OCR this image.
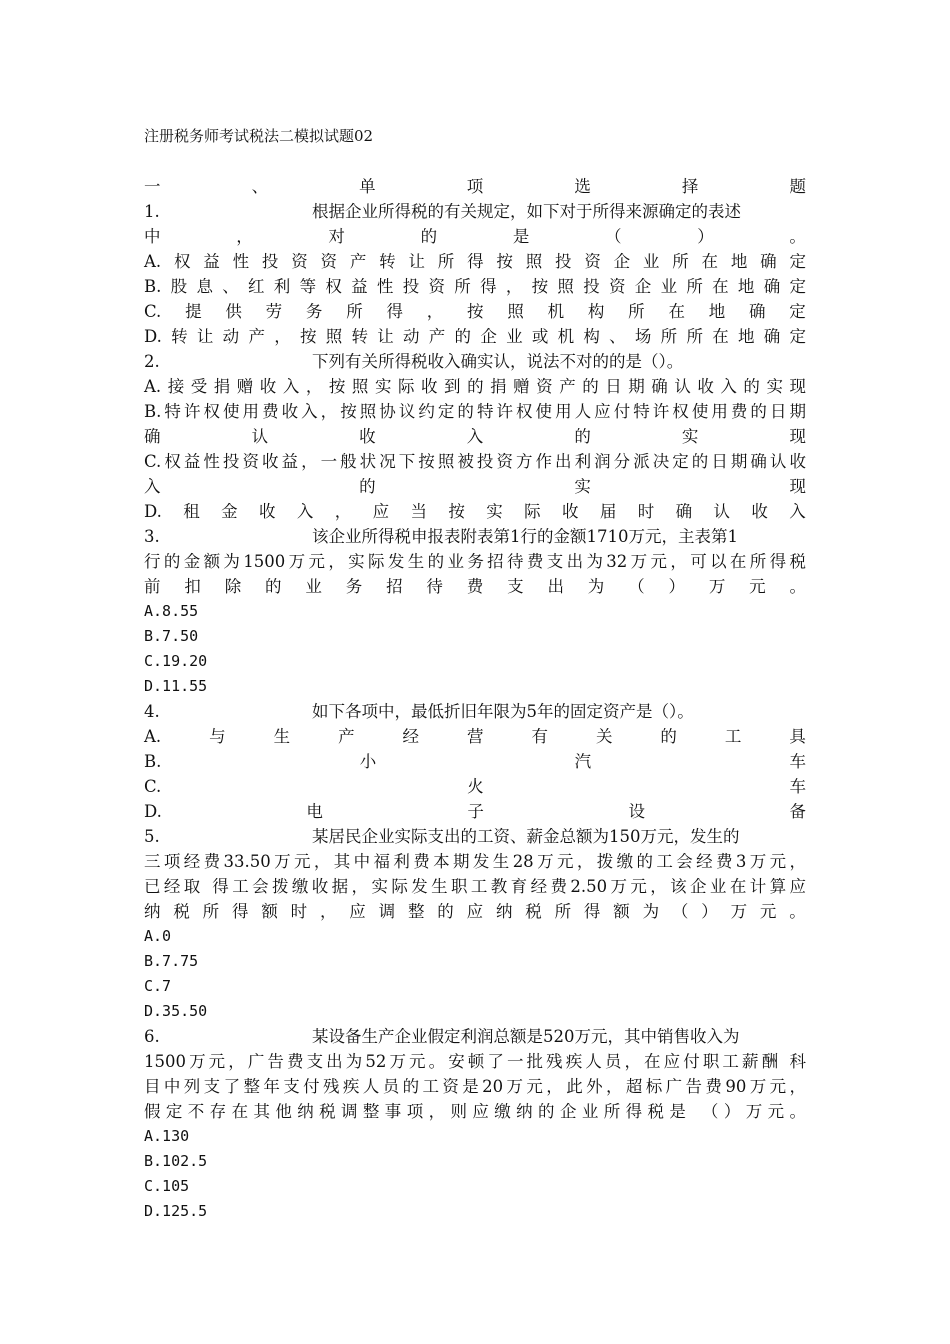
注册税务师考试税法二模拟试题02
一	、	单	项	选	择	题
1.	根据企业所得税的有关规定，如下对于所得来源确定的表述
中	，	对	的	是	（	）	。
A.权益性投资资产转让所得按照投资企业所在地确定
B.股息、红利等权益性投资所得，按照投资企业所在地确定
C. 提 供 劳 务 所 得 ， 按 照 机 构 所 在 地 确 定
D.转让动产，按照转让动产的企业或机构、场所所在地确定
2.	下列有关所得税收入确实认，说法不对的的是（）。
A.接受捐赠收入，按照实际收到的捐赠资产的日期确认收入的实现
B.特许权使用费收入，按照协议约定的特许权使用人应付特许权使用费的日期
确	认	收	入	的	实	现
C.权益性投资收益，一般状况下按照被投资方作出利润分派决定的日期确认收
入	的	实	现
D. 租 金 收 入 ， 应 当 按 实 际 收 届 时 确 认 收 入
3.	该企业所得税申报表附表第1行的金额1710万元，主表第1
行的金额为1500万元，实际发生的业务招待费支出为32万元，可以在所得税
前 扣 除 的 业 务 招 待 费 支 出 为 （ ） 万 元 。
A.8.55
B.7.50
C.19.20
D.11.55
4.	如下各项中，最低折旧年限为5年的固定资产是（）。
A.	与	生	产	经	营	有	关	的	工	具
B.	小	汽	车
C.	火	车
D.	电	子	设	备
5.	某居民企业实际支出的工资、薪金总额为150万元，发生的
三项经费33.50万元，其中福利费本期发生28万元，拨缴的工会经费3万元，
已经取 得工会拨缴收据，实际发生职工教育经费2.50万元，该企业在计算应
纳 税 所 得 额 时 ， 应 调 整 的 应 纳 税 所 得 额 为 （ ） 万 元 。
A.0
B.7.75
C.7
D.35.50
6.	某设备生产企业假定利润总额是520万元，其中销售收入为
1500万元，广告费支出为52万元。安顿了一批残疾人员，在应付职工薪酬 科
目中列支了整年支付残疾人员的工资是20万元，此外，超标广告费90万元，
假定不存在其他纳税调整事项，则应缴纳的企业所得税是 （）万元。
A.130
B.102.5
C.105
D.125.5
